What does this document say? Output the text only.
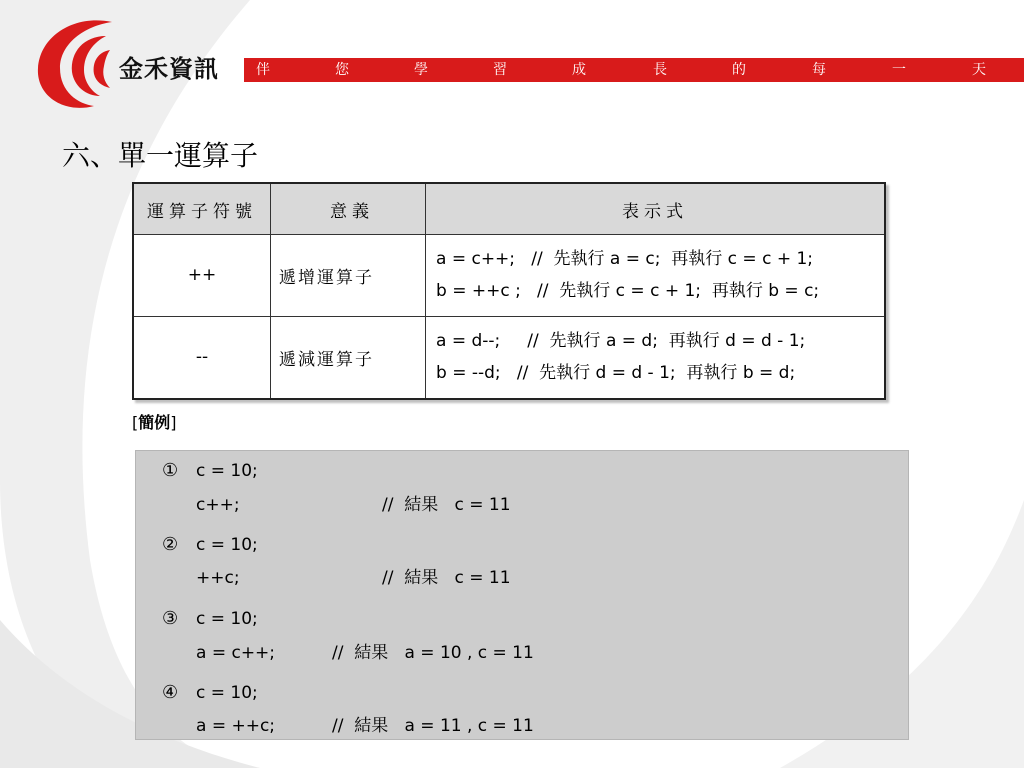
金禾資訊	伴	您	學	習	成	長	的	每	一	天
六、單一運算子
運算子符號	意義	表示式
++	遞增運算子	a = c++;   //  先執行 a = c;  再執行 c = c + 1;
b = ++c ;   //  先執行 c = c + 1;  再執行 b = c;

--	遞減運算子	a = d--;     //  先執行 a = d;  再執行 d = d - 1;
b = --d;   //  先執行 d = d - 1;  再執行 b = d;
[簡例]
① c = 10;
c++;	//  結果   c = 11
② c = 10;
++c;	//  結果   c = 11
③ c = 10;
a = c++;	//  結果   a = 10 , c = 11
④ c = 10;
a = ++c;	//  結果   a = 11 , c = 11
